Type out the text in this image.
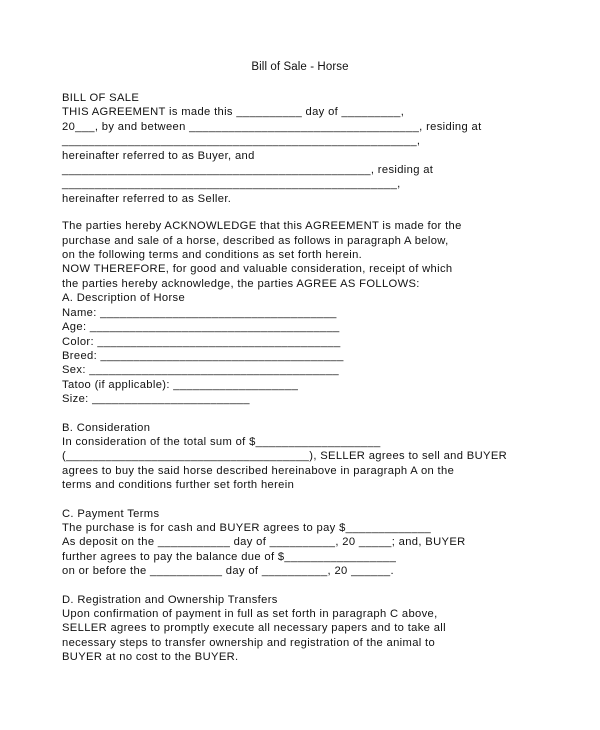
Bill of Sale - Horse
BILL OF SALE
THIS AGREEMENT is made this __________ day of _________,
20___, by and between ___________________________________, residing at
______________________________________________________,
hereinafter referred to as Buyer, and
_______________________________________________, residing at
___________________________________________________,
hereinafter referred to as Seller.
The parties hereby ACKNOWLEDGE that this AGREEMENT is made for the
purchase and sale of a horse, described as follows in paragraph A below,
on the following terms and conditions as set forth herein.
NOW THEREFORE, for good and valuable consideration, receipt of which
the parties hereby acknowledge, the parties AGREE AS FOLLOWS:
A. Description of Horse
Name: ____________________________________
Age: ______________________________________
Color: _____________________________________
Breed: _____________________________________
Sex: ______________________________________
Tatoo (if applicable): ___________________
Size: ________________________
B. Consideration
In consideration of the total sum of $___________________
(_____________________________________), SELLER agrees to sell and BUYER
agrees to buy the said horse described hereinabove in paragraph A on the
terms and conditions further set forth herein
C. Payment Terms
The purchase is for cash and BUYER agrees to pay $_____________
As deposit on the ___________ day of __________, 20 _____; and, BUYER
further agrees to pay the balance due of $_________________
on or before the ___________ day of __________, 20 ______.
D. Registration and Ownership Transfers
Upon confirmation of payment in full as set forth in paragraph C above,
SELLER agrees to promptly execute all necessary papers and to take all
necessary steps to transfer ownership and registration of the animal to
BUYER at no cost to the BUYER.
